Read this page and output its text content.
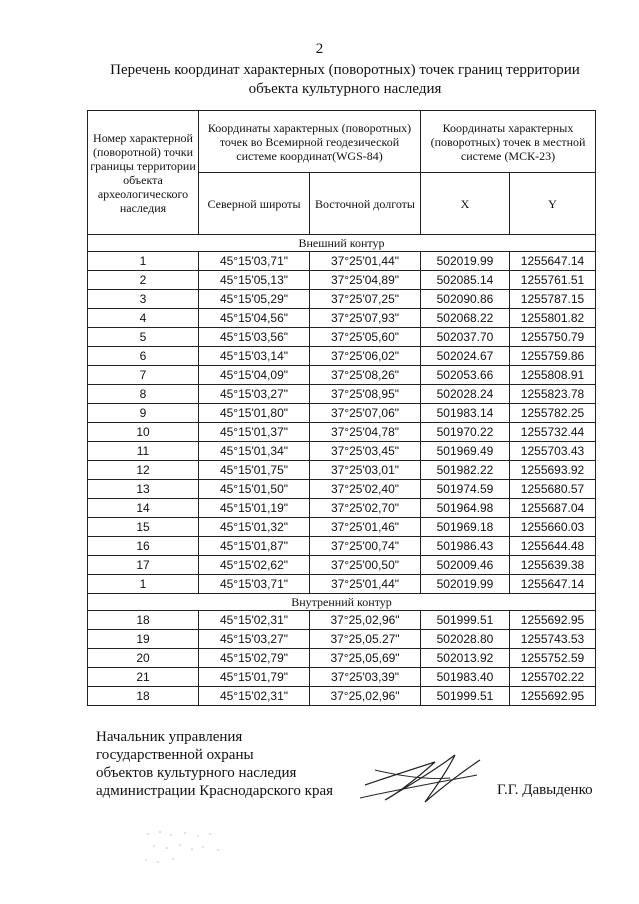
2
Перечень координат характерных (поворотных) точек границ территории
объекта культурного наследия
Номер характерной (поворотной) точки границы территории объекта археологического наследия	Координаты характерных (поворотных) точек во Всемирной геодезической системе координат(WGS-84)		Координаты характерных (поворотных) точек в местной системе (МСК-23)	
	Северной широты	Восточной долготы	X	Y
Внешний контур				
1	45°15'03,71"	37°25'01,44"	502019.99	1255647.14
2	45°15'05,13"	37°25'04,89"	502085.14	1255761.51
3	45°15'05,29"	37°25'07,25"	502090.86	1255787.15
4	45°15'04,56"	37°25'07,93"	502068.22	1255801.82
5	45°15'03,56"	37°25'05,60"	502037.70	1255750.79
6	45°15'03,14"	37°25'06,02"	502024.67	1255759.86
7	45°15'04,09"	37°25'08,26"	502053.66	1255808.91
8	45°15'03,27"	37°25'08,95"	502028.24	1255823.78
9	45°15'01,80"	37°25'07,06"	501983.14	1255782.25
10	45°15'01,37"	37°25'04,78"	501970.22	1255732.44
11	45°15'01,34"	37°25'03,45"	501969.49	1255703.43
12	45°15'01,75"	37°25'03,01"	501982.22	1255693.92
13	45°15'01,50"	37°25'02,40"	501974.59	1255680.57
14	45°15'01,19"	37°25'02,70"	501964.98	1255687.04
15	45°15'01,32"	37°25'01,46"	501969.18	1255660.03
16	45°15'01,87"	37°25'00,74"	501986.43	1255644.48
17	45°15'02,62"	37°25'00,50"	502009.46	1255639.38
1	45°15'03,71"	37°25'01,44"	502019.99	1255647.14
Внутренний контур				
18	45°15'02,31"	37°25,02,96"	501999.51	1255692.95
19	45°15'03,27"	37°25,05.27"	502028.80	1255743.53
20	45°15'02,79"	37°25,05,69"	502013.92	1255752.59
21	45°15'01,79"	37°25'03,39"	501983.40	1255702.22
18	45°15'02,31"	37°25,02,96"	501999.51	1255692.95
Начальник управления
государственной охраны
объектов культурного наследия
администрации Краснодарского края	Г.Г. Давыденко
